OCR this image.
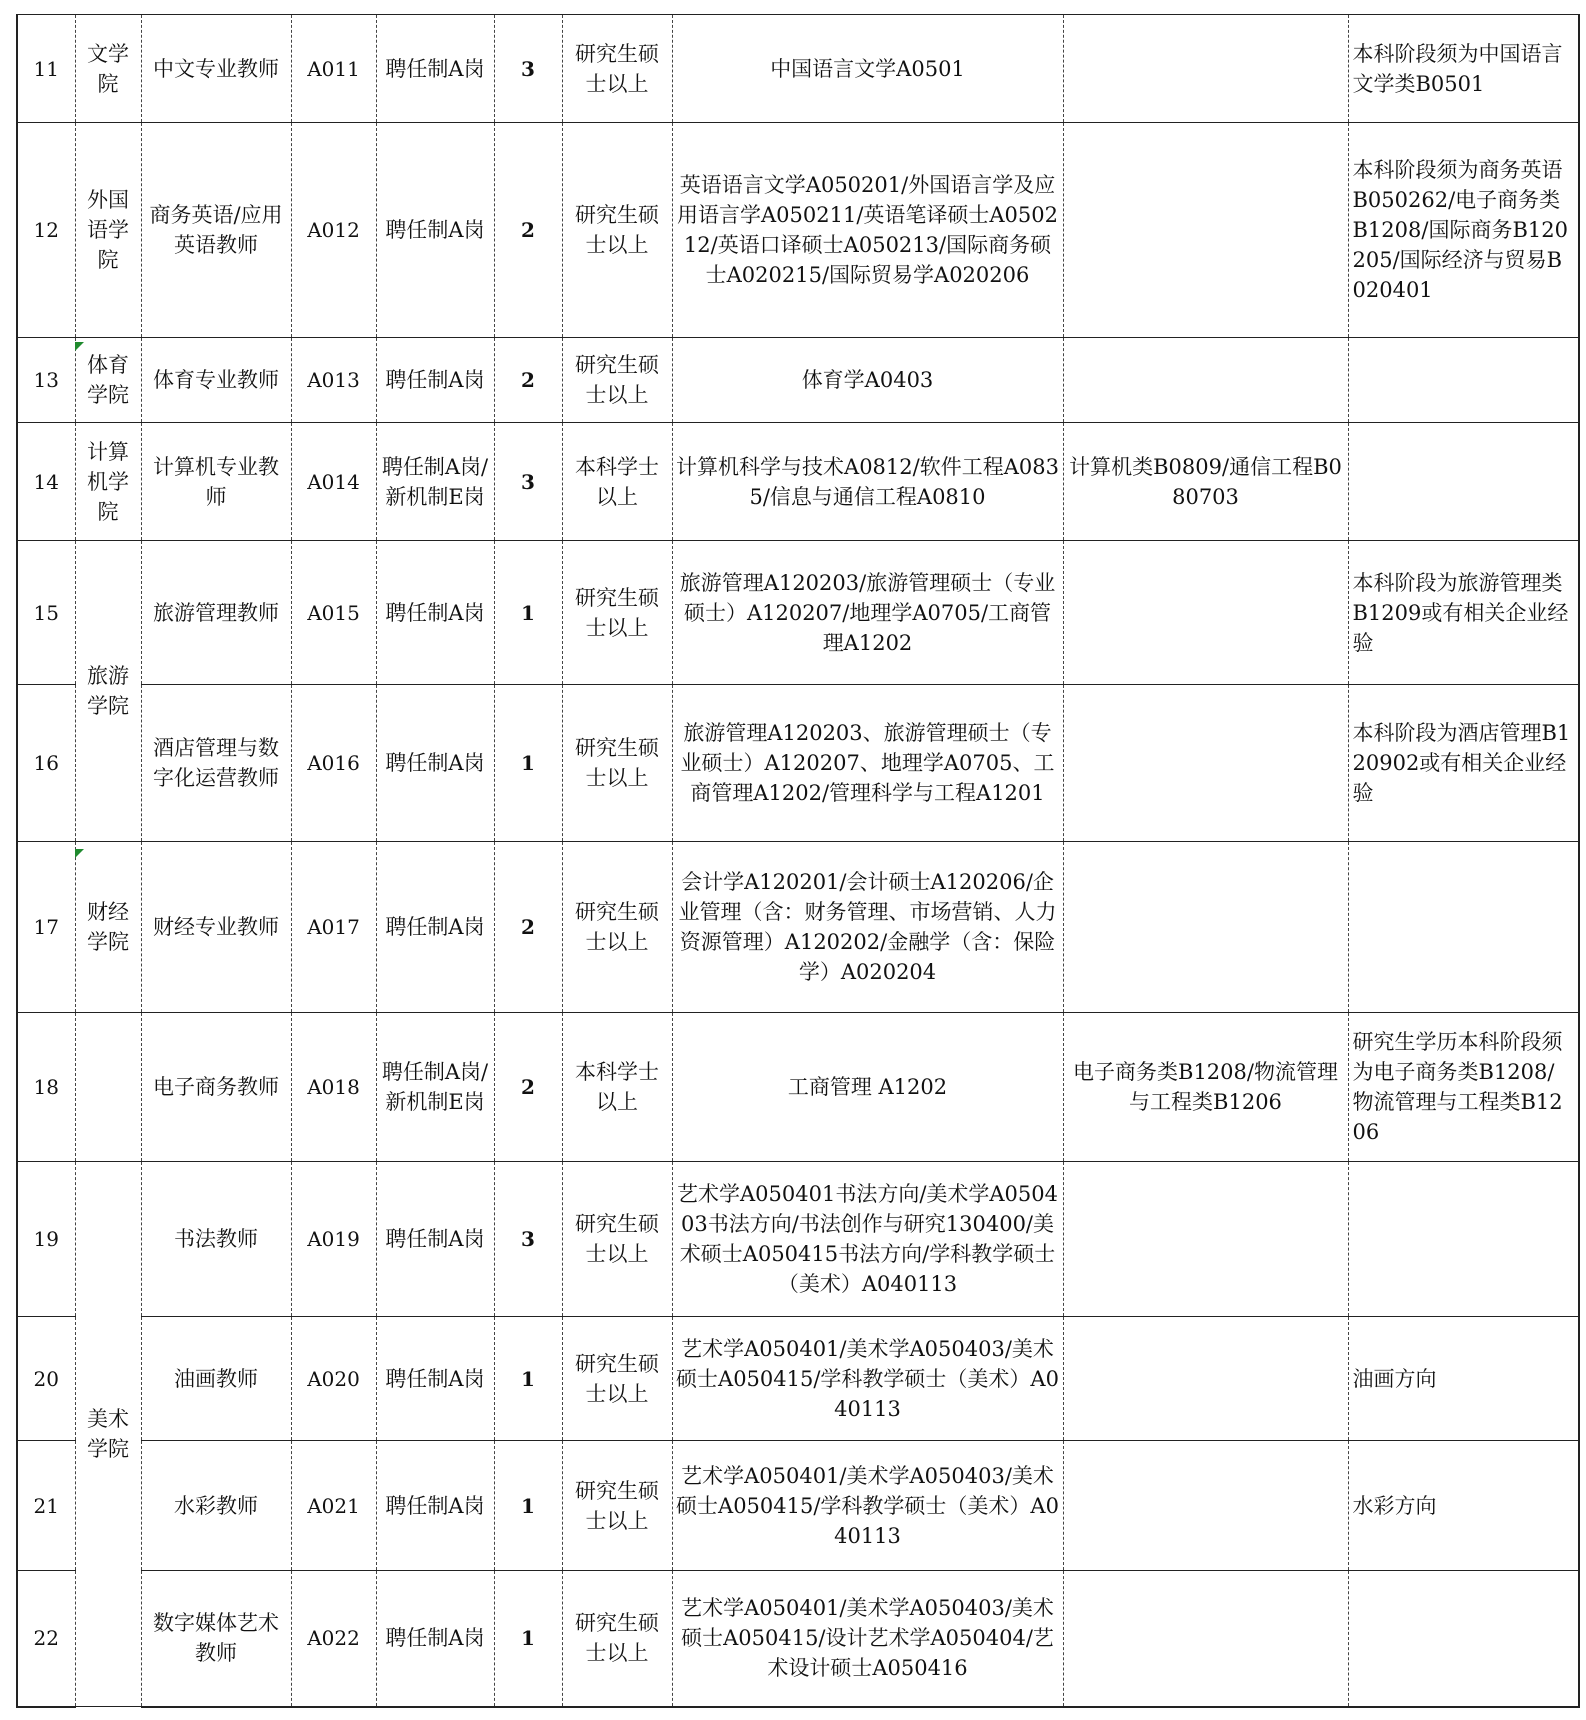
11	文学院	中文专业教师	A011	聘任制A岗	3	研究生硕士以上	中国语言文学A0501		本科阶段须为中国语言文学类B0501
12	外国语学院	商务英语/应用英语教师	A012	聘任制A岗	2	研究生硕士以上	英语语言文学A050201/外国语言学及应用语言学A050211/英语笔译硕士A050212/英语口译硕士A050213/国际商务硕士A020215/国际贸易学A020206		本科阶段须为商务英语B050262/电子商务类B1208/国际商务B120205/国际经济与贸易B020401
13	体育学院	体育专业教师	A013	聘任制A岗	2	研究生硕士以上	体育学A0403		
14	计算机学院	计算机专业教师	A014	聘任制A岗/新机制E岗	3	本科学士以上	计算机科学与技术A0812/软件工程A0835/信息与通信工程A0810	计算机类B0809/通信工程B080703	
15	旅游学院	旅游管理教师	A015	聘任制A岗	1	研究生硕士以上	旅游管理A120203/旅游管理硕士（专业硕士）A120207/地理学A0705/工商管理A1202		本科阶段为旅游管理类B1209或有相关企业经验
16		酒店管理与数字化运营教师	A016	聘任制A岗	1	研究生硕士以上	旅游管理A120203、旅游管理硕士（专业硕士）A120207、地理学A0705、工商管理A1202/管理科学与工程A1201		本科阶段为酒店管理B120902或有相关企业经验
17	财经学院	财经专业教师	A017	聘任制A岗	2	研究生硕士以上	会计学A120201/会计硕士A120206/企业管理（含：财务管理、市场营销、人力资源管理）A120202/金融学（含：保险学）A020204		
18		电子商务教师	A018	聘任制A岗/新机制E岗	2	本科学士以上	工商管理 A1202	电子商务类B1208/物流管理与工程类B1206	研究生学历本科阶段须为电子商务类B1208/物流管理与工程类B1206
19	美术学院	书法教师	A019	聘任制A岗	3	研究生硕士以上	艺术学A050401书法方向/美术学A050403书法方向/书法创作与研究130400/美术硕士A050415书法方向/学科教学硕士（美术）A040113		
20		油画教师	A020	聘任制A岗	1	研究生硕士以上	艺术学A050401/美术学A050403/美术硕士A050415/学科教学硕士（美术）A040113		油画方向
21		水彩教师	A021	聘任制A岗	1	研究生硕士以上	艺术学A050401/美术学A050403/美术硕士A050415/学科教学硕士（美术）A040113		水彩方向
22		数字媒体艺术教师	A022	聘任制A岗	1	研究生硕士以上	艺术学A050401/美术学A050403/美术硕士A050415/设计艺术学A050404/艺术设计硕士A050416		
